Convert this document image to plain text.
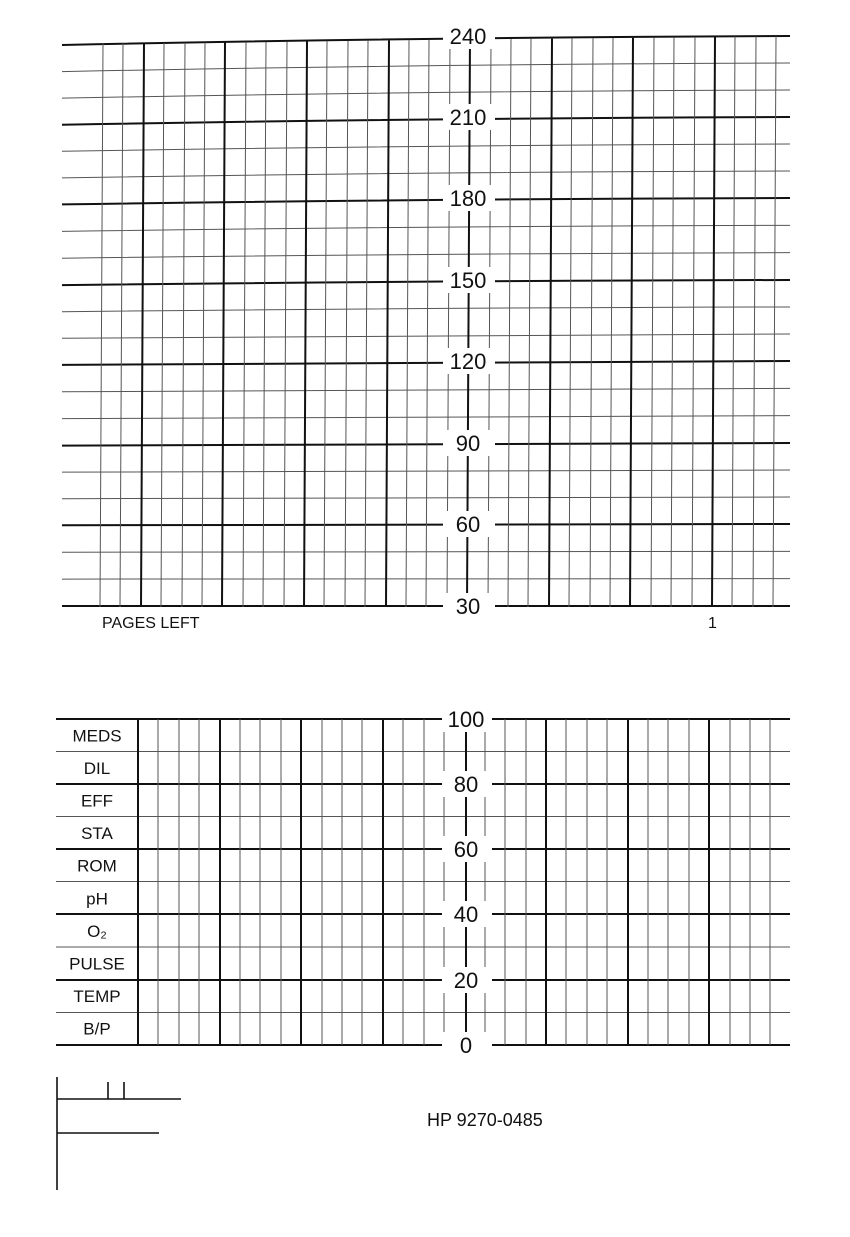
240
210
180
150
120
90
60
30
PAGES LEFT	1
MEDS
DIL
EFF
STA
ROM
pH
O₂
PULSE
TEMP
B/P
100
80
60
40
20
0
HP 9270-0485
